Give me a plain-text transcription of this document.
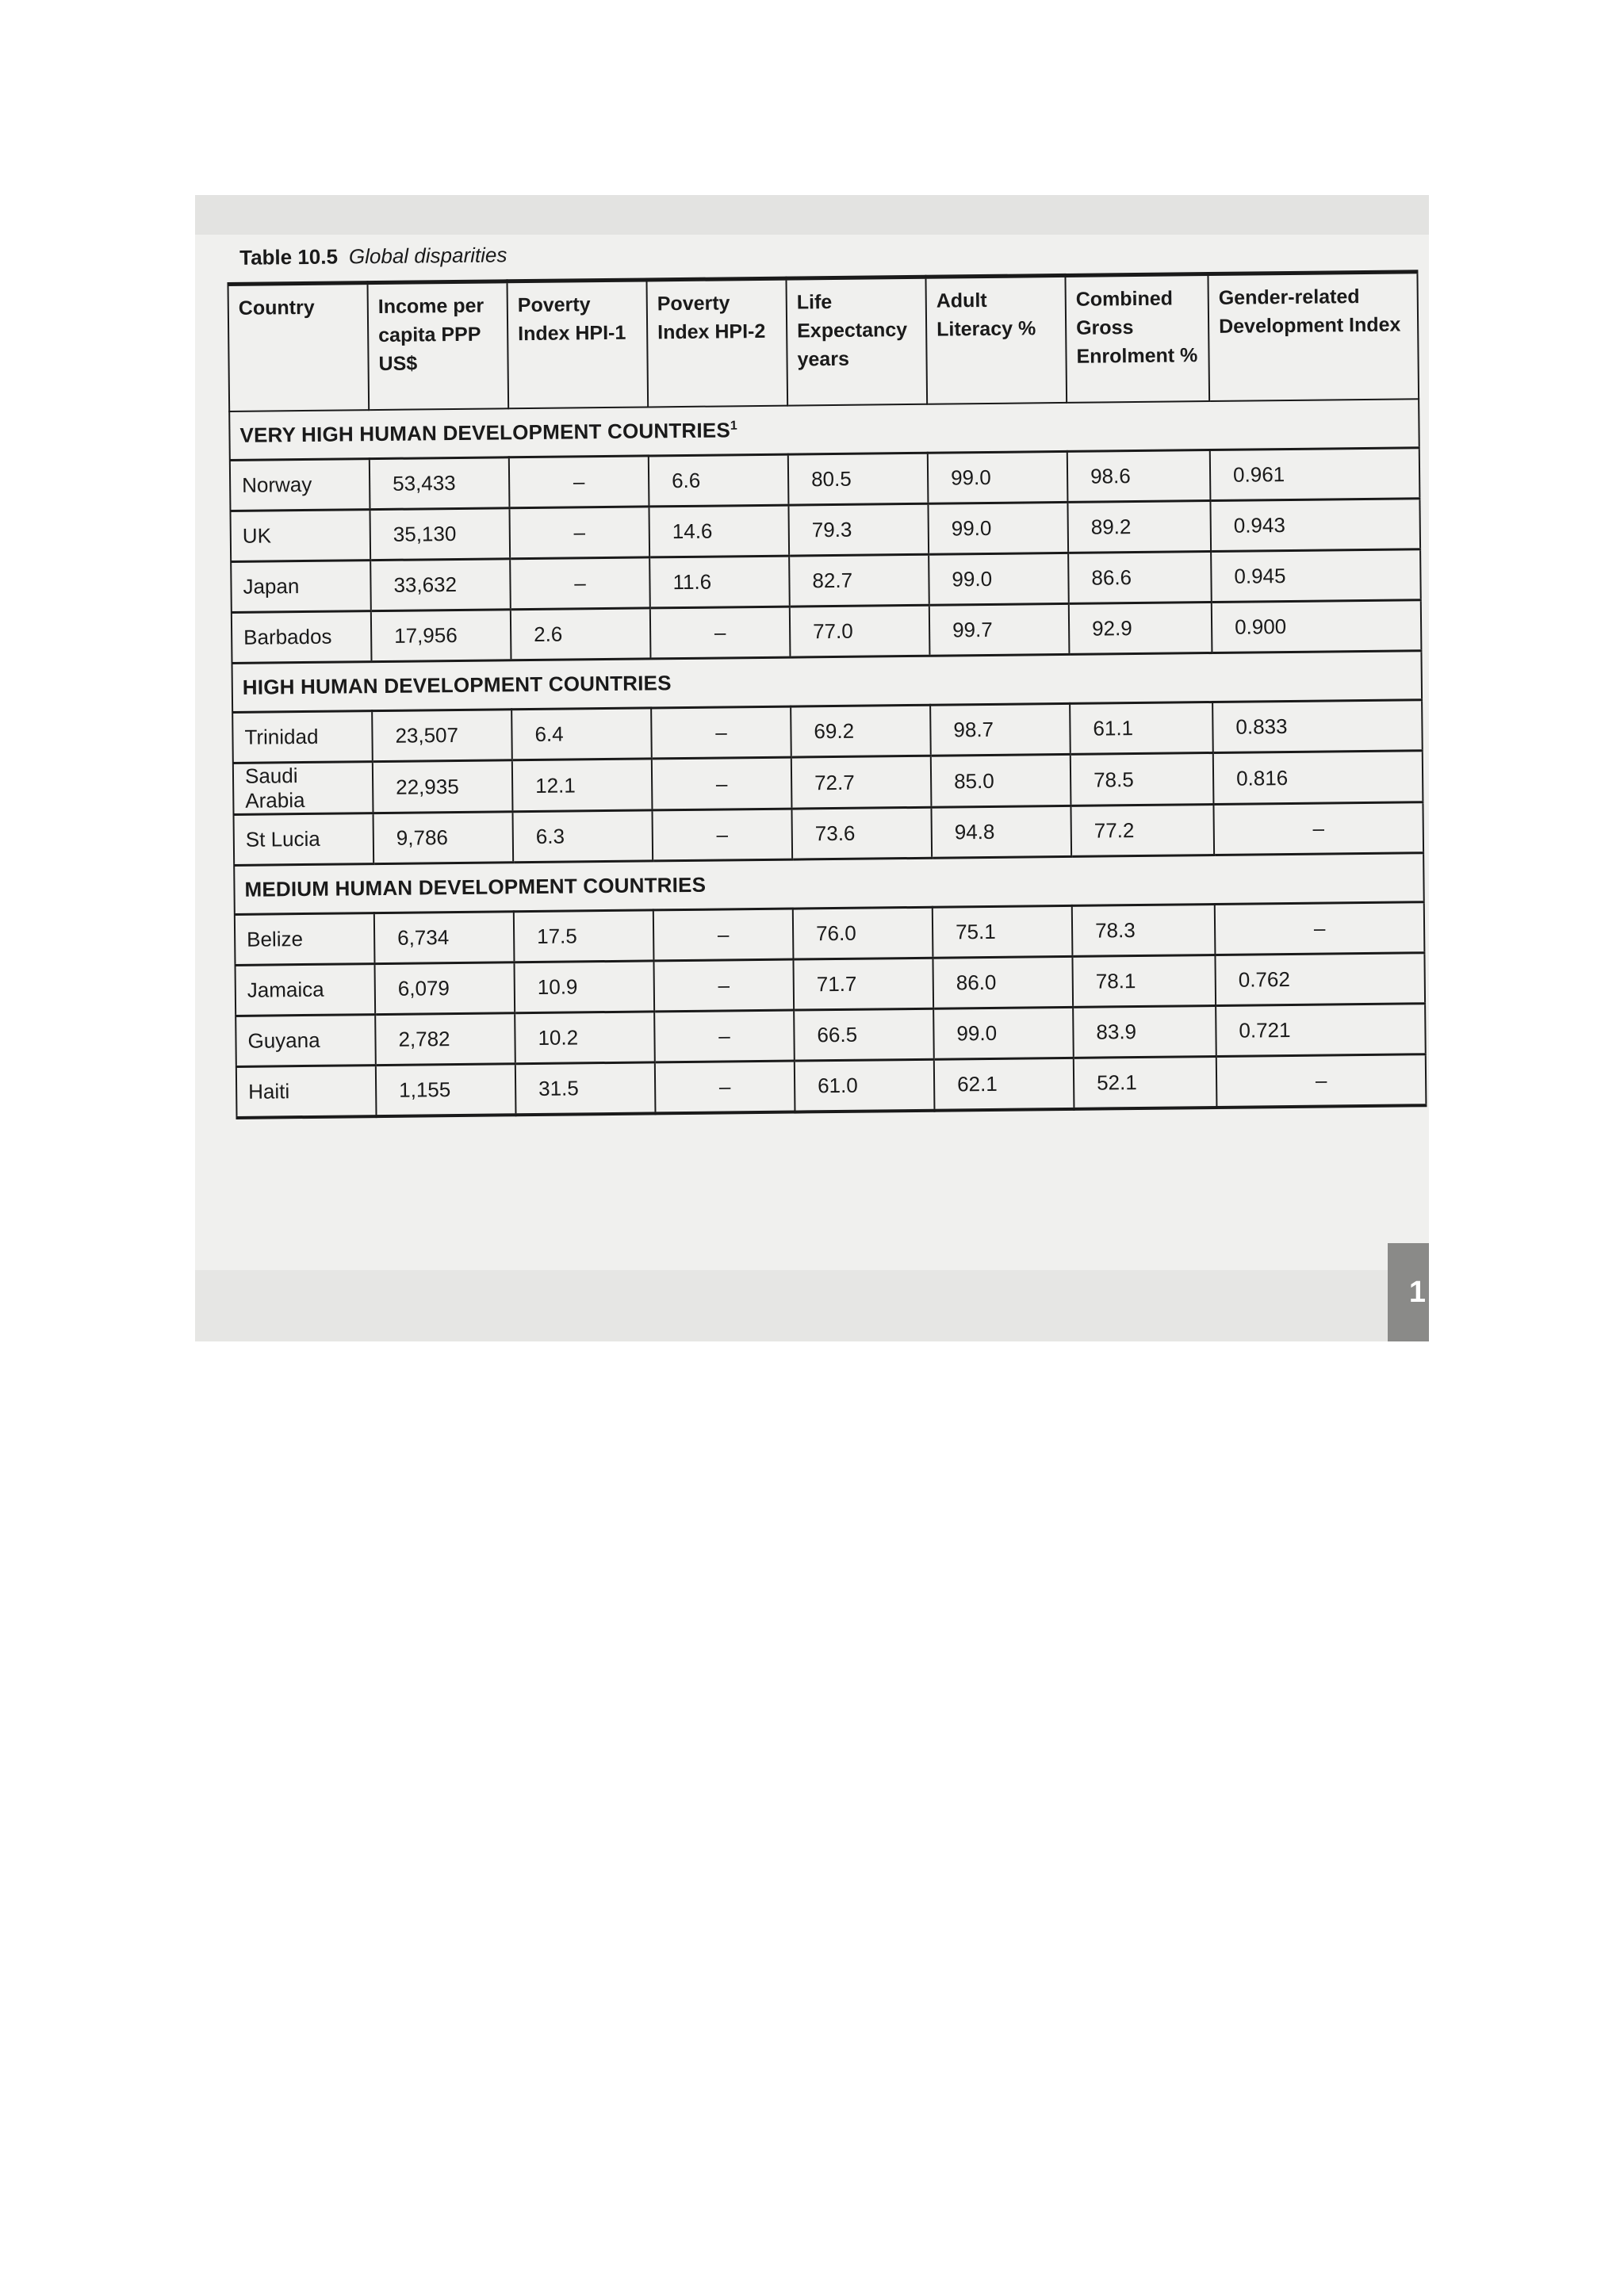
1
Table 10.5 Global disparities
Country	Income per capita PPP US$	Poverty Index HPI-1	Poverty Index HPI-2	Life Expectancy years	Adult Literacy %	Combined Gross Enrolment %	Gender-related Development Index
VERY HIGH HUMAN DEVELOPMENT COUNTRIES$^1$
Norway	53,433	–	6.6	80.5	99.0	98.6	0.961
UK	35,130	–	14.6	79.3	99.0	89.2	0.943
Japan	33,632	–	11.6	82.7	99.0	86.6	0.945
Barbados	17,956	2.6	–	77.0	99.7	92.9	0.900
HIGH HUMAN DEVELOPMENT COUNTRIES							
Trinidad	23,507	6.4	–	69.2	98.7	61.1	0.833
Saudi Arabia	22,935	12.1	–	72.7	85.0	78.5	0.816
St Lucia	9,786	6.3	–	73.6	94.8	77.2	–
MEDIUM HUMAN DEVELOPMENT COUNTRIES							
Belize	6,734	17.5	–	76.0	75.1	78.3	–
Jamaica	6,079	10.9	–	71.7	86.0	78.1	0.762
Guyana	2,782	10.2	–	66.5	99.0	83.9	0.721
Haiti	1,155	31.5	–	61.0	62.1	52.1	–
